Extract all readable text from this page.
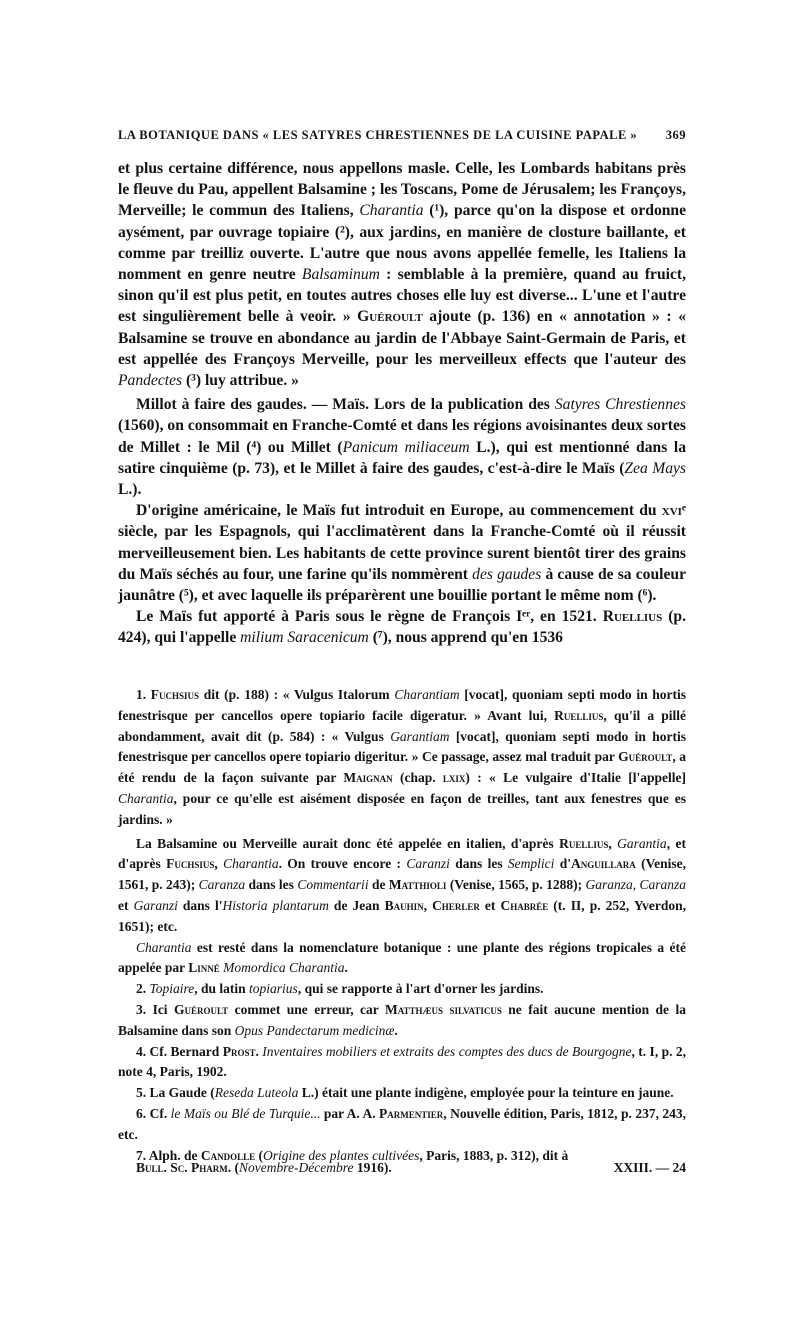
LA BOTANIQUE DANS « LES SATYRES CHRESTIENNES DE LA CUISINE PAPALE » 369

et plus certaine différence, nous appellons masle. Celle, les Lombards habitans près le fleuve du Pau, appellent Balsamine ; les Toscans, Pome de Jérusalem; les Françoys, Merveille; le commun des Italiens, Charantia (¹), parce qu'on la dispose et ordonne aysément, par ouvrage topiaire (²), aux jardins, en manière de closture baillante, et comme par treilliz ouverte. L'autre que nous avons appellée femelle, les Italiens la nomment en genre neutre Balsaminum : semblable à la première, quand au fruict, sinon qu'il est plus petit, en toutes autres choses elle luy est diverse... L'une et l'autre est singulièrement belle à veoir. » Guéroult ajoute (p. 136) en « annotation » : « Balsamine se trouve en abondance au jardin de l'Abbaye Saint-Germain de Paris, et est appellée des Françoys Merveille, pour les merveilleux effects que l'auteur des Pandectes (³) luy attribue. »

Millot à faire des gaudes. — Maïs. Lors de la publication des Satyres Chrestiennes (1560), on consommait en Franche-Comté et dans les régions avoisinantes deux sortes de Millet : le Mil (⁴) ou Millet (Panicum miliaceum L.), qui est mentionné dans la satire cinquième (p. 73), et le Millet à faire des gaudes, c'est-à-dire le Maïs (Zea Mays L.).

D'origine américaine, le Maïs fut introduit en Europe, au commencement du xviᵉ siècle, par les Espagnols, qui l'acclimatèrent dans la Franche-Comté où il réussit merveilleusement bien. Les habitants de cette province surent bientôt tirer des grains du Maïs séchés au four, une farine qu'ils nommèrent des gaudes à cause de sa couleur jaunâtre (⁵), et avec laquelle ils préparèrent une bouillie portant le même nom (⁶).

Le Maïs fut apporté à Paris sous le règne de François Iᵉʳ, en 1521. Ruellius (p. 424), qui l'appelle milium Saracenicum (⁷), nous apprend qu'en 1536

1. Fuchsius dit (p. 188) : « Vulgus Italorum Charantiam [vocat], quoniam septi modo in hortis fenestrisque per cancellos opere topiario facile digeratur. » Avant lui, Ruellius, qu'il a pillé abondamment, avait dit (p. 584) : « Vulgus Garantiam [vocat], quoniam septi modo in hortis fenestrisque per cancellos opere topiario digeritur. » Ce passage, assez mal traduit par Guéroult, a été rendu de la façon suivante par Maignan (chap. lxix) : « Le vulgaire d'Italie [l'appelle] Charantia, pour ce qu'elle est aisément disposée en façon de treilles, tant aux fenestres que es jardins. »

La Balsamine ou Merveille aurait donc été appelée en italien, d'après Ruellius, Garantia, et d'après Fuchsius, Charantia. On trouve encore : Caranzi dans les Semplici d'Anguillara (Venise, 1561, p. 243); Caranza dans les Commentarii de Matthioli (Venise, 1565, p. 1288); Garanza, Caranza et Garanzi dans l'Historia plantarum de Jean Bauhin, Cherler et Chabrée (t. II, p. 252, Yverdon, 1651); etc.

Charantia est resté dans la nomenclature botanique : une plante des régions tropicales a été appelée par Linné Momordica Charantia.

2. Topiaire, du latin topiarius, qui se rapporte à l'art d'orner les jardins.

3. Ici Guéroult commet une erreur, car Matthæus silvaticus ne fait aucune mention de la Balsamine dans son Opus Pandectarum medicinæ.

4. Cf. Bernard Prost. Inventaires mobiliers et extraits des comptes des ducs de Bourgogne, t. I, p. 2, note 4, Paris, 1902.

5. La Gaude (Reseda Luteola L.) était une plante indigène, employée pour la teinture en jaune.

6. Cf. le Maïs ou Blé de Turquie... par A. A. Parmentier, Nouvelle édition, Paris, 1812, p. 237, 243, etc.

7. Alph. de Candolle (Origine des plantes cultivées, Paris, 1883, p. 312), dit à

Bull. Sc. Pharm. (Novembre-Décembre 1916).	XXIII. — 24
